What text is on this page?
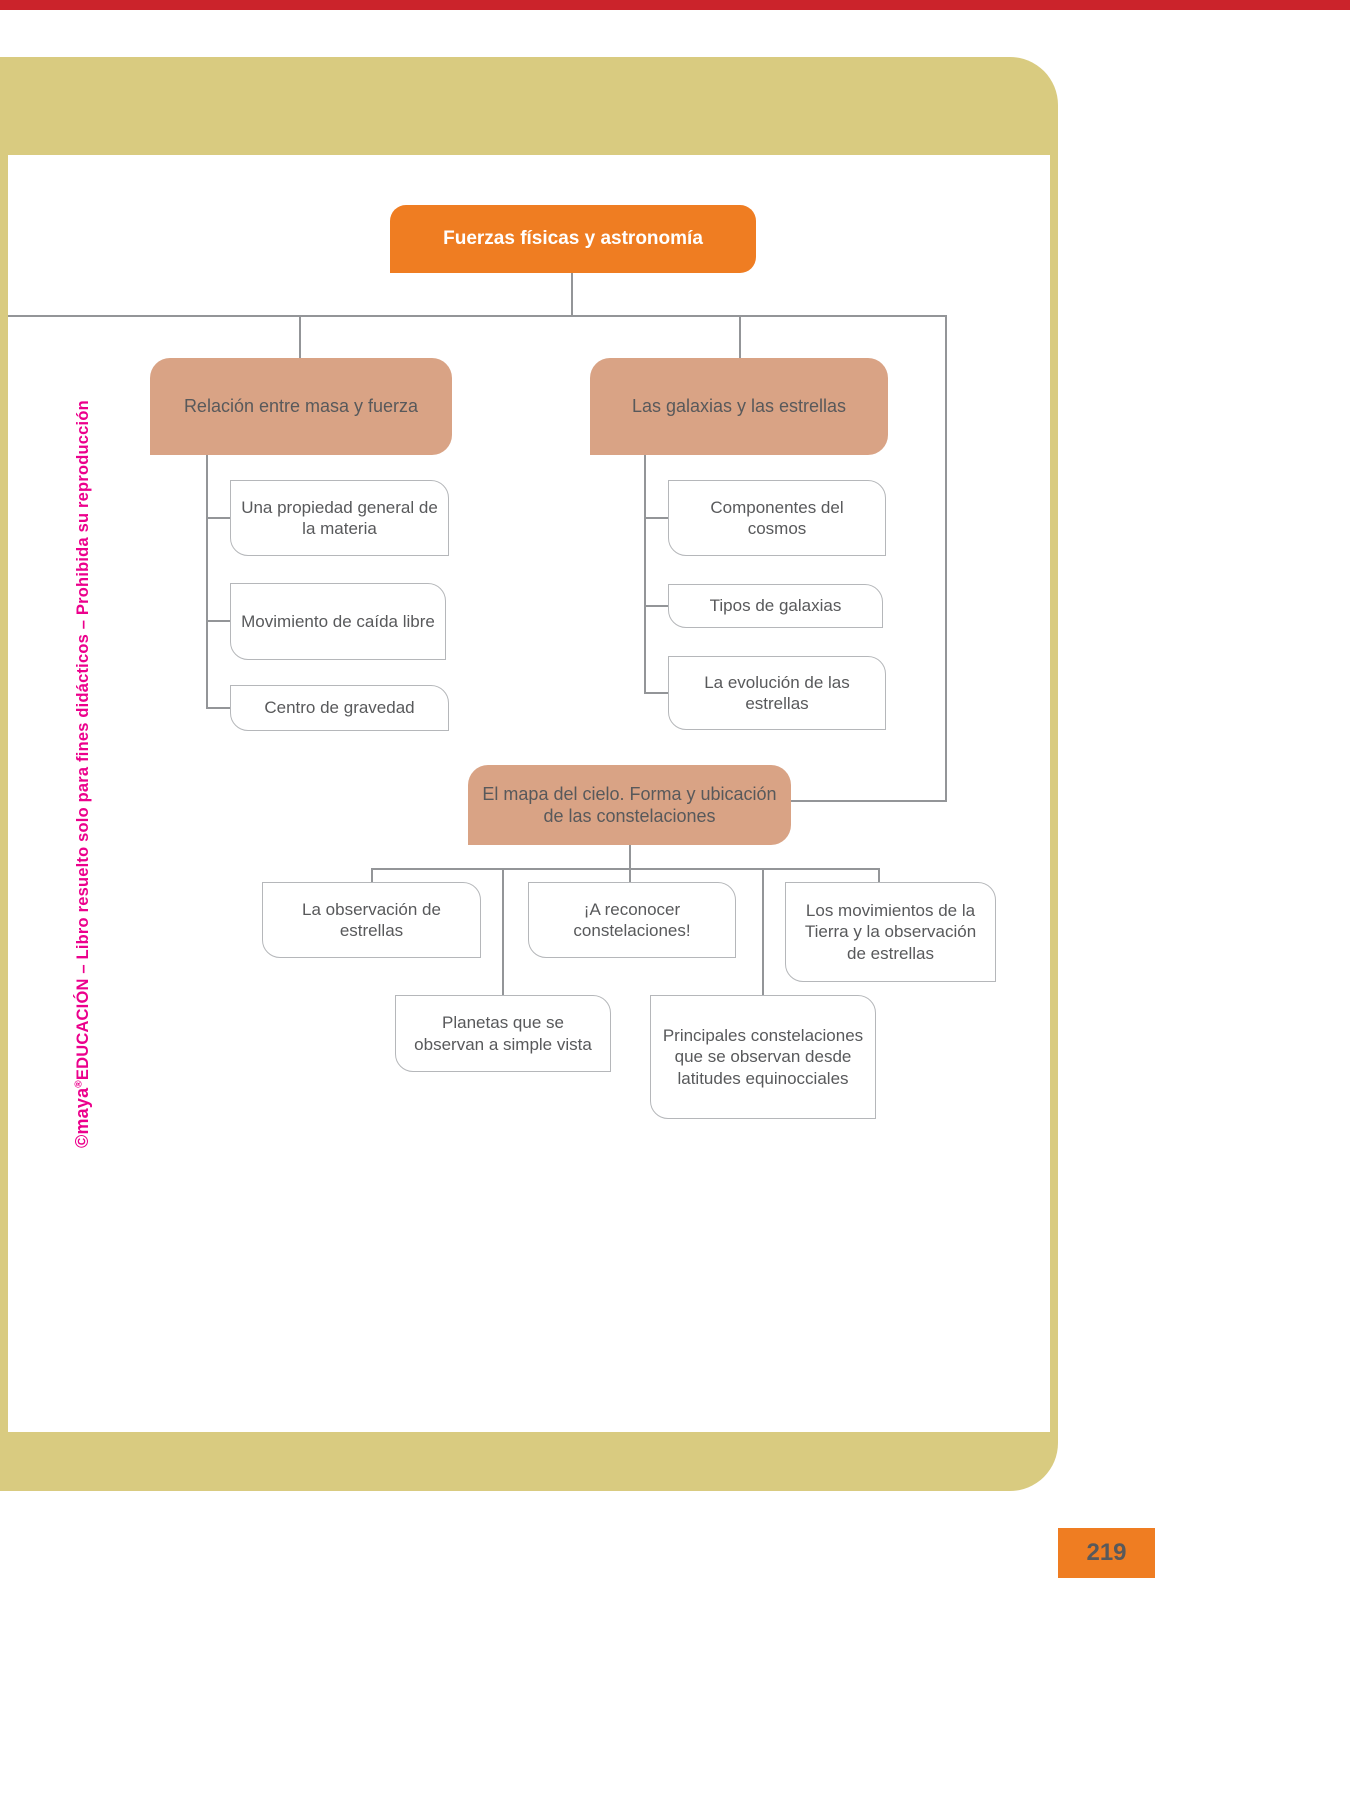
©maya®EDUCACIÓN – Libro resuelto solo para fines didácticos – Prohibida su reproducción
Fuerzas físicas y astronomía
Relación entre masa y fuerza
Una propiedad general de la materia
Movimiento de caída libre
Centro de gravedad
Las galaxias y las estrellas
Componentes del cosmos
Tipos de galaxias
La evolución de las estrellas
El mapa del cielo. Forma y ubicación de las constelaciones
La observación de estrellas
¡A reconocer constelaciones!
Los movimientos de la Tierra y la observación de estrellas
Planetas que se observan a simple vista	Principales constelaciones que se observan desde latitudes equinocciales
219
